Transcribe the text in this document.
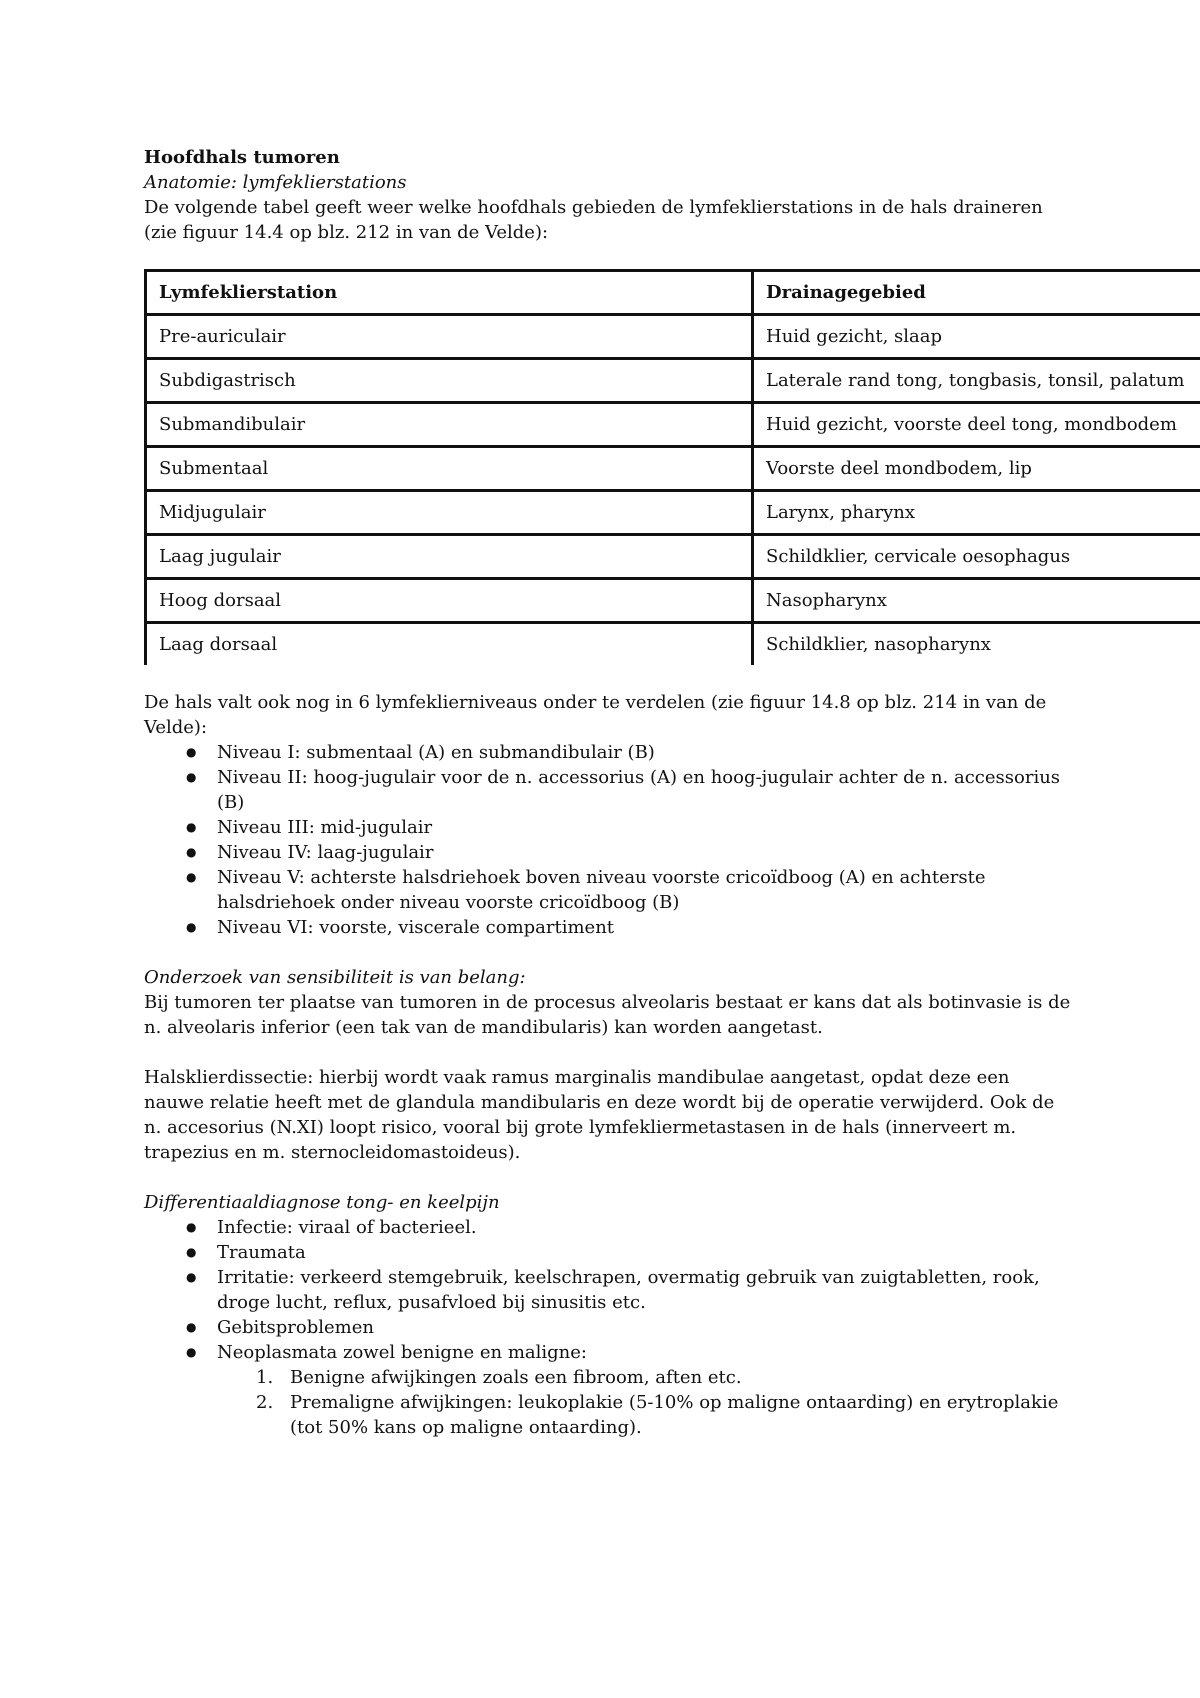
Hoofdhals tumoren

Anatomie: lymfeklierstations

De volgende tabel geeft weer welke hoofdhals gebieden de lymfeklierstations in de hals draineren (zie figuur 14.4 op blz. 212 in van de Velde):

Lymfeklierstation	Drainagegebied
Pre-auriculair	Huid gezicht, slaap
Subdigastrisch	Laterale rand tong, tongbasis, tonsil, palatum
Submandibulair	Huid gezicht, voorste deel tong, mondbodem
Submentaal	Voorste deel mondbodem, lip
Midjugulair	Larynx, pharynx
Laag jugulair	Schildklier, cervicale oesophagus
Hoog dorsaal	Nasopharynx
Laag dorsaal	Schildklier, nasopharynx

De hals valt ook nog in 6 lymfeklierniveaus onder te verdelen (zie figuur 14.8 op blz. 214 in van de Velde):

● Niveau I: submentaal (A) en submandibulair (B)
● Niveau II: hoog-jugulair voor de n. accessorius (A) en hoog-jugulair achter de n. accessorius (B)
● Niveau III: mid-jugulair
● Niveau IV: laag-jugulair
● Niveau V: achterste halsdriehoek boven niveau voorste cricoïdboog (A) en achterste halsdriehoek onder niveau voorste cricoïdboog (B)
● Niveau VI: voorste, viscerale compartiment

Onderzoek van sensibiliteit is van belang:

Bij tumoren ter plaatse van tumoren in de procesus alveolaris bestaat er kans dat als botinvasie is de n. alveolaris inferior (een tak van de mandibularis) kan worden aangetast.

Halsklierdissectie: hierbij wordt vaak ramus marginalis mandibulae aangetast, opdat deze een nauwe relatie heeft met de glandula mandibularis en deze wordt bij de operatie verwijderd. Ook de n. accesorius (N.XI) loopt risico, vooral bij grote lymfekliermetastasen in de hals (innerveert m. trapezius en m. sternocleidomastoideus).

Differentiaaldiagnose tong- en keelpijn

● Infectie: viraal of bacterieel.
● Traumata
● Irritatie: verkeerd stemgebruik, keelschrapen, overmatig gebruik van zuigtabletten, rook, droge lucht, reflux, pusafvloed bij sinusitis etc.
● Gebitsproblemen
● Neoplasmata zowel benigne en maligne:
1. Benigne afwijkingen zoals een fibroom, aften etc.
2. Premaligne afwijkingen: leukoplakie (5-10% op maligne ontaarding) en erytroplakie (tot 50% kans op maligne ontaarding).
